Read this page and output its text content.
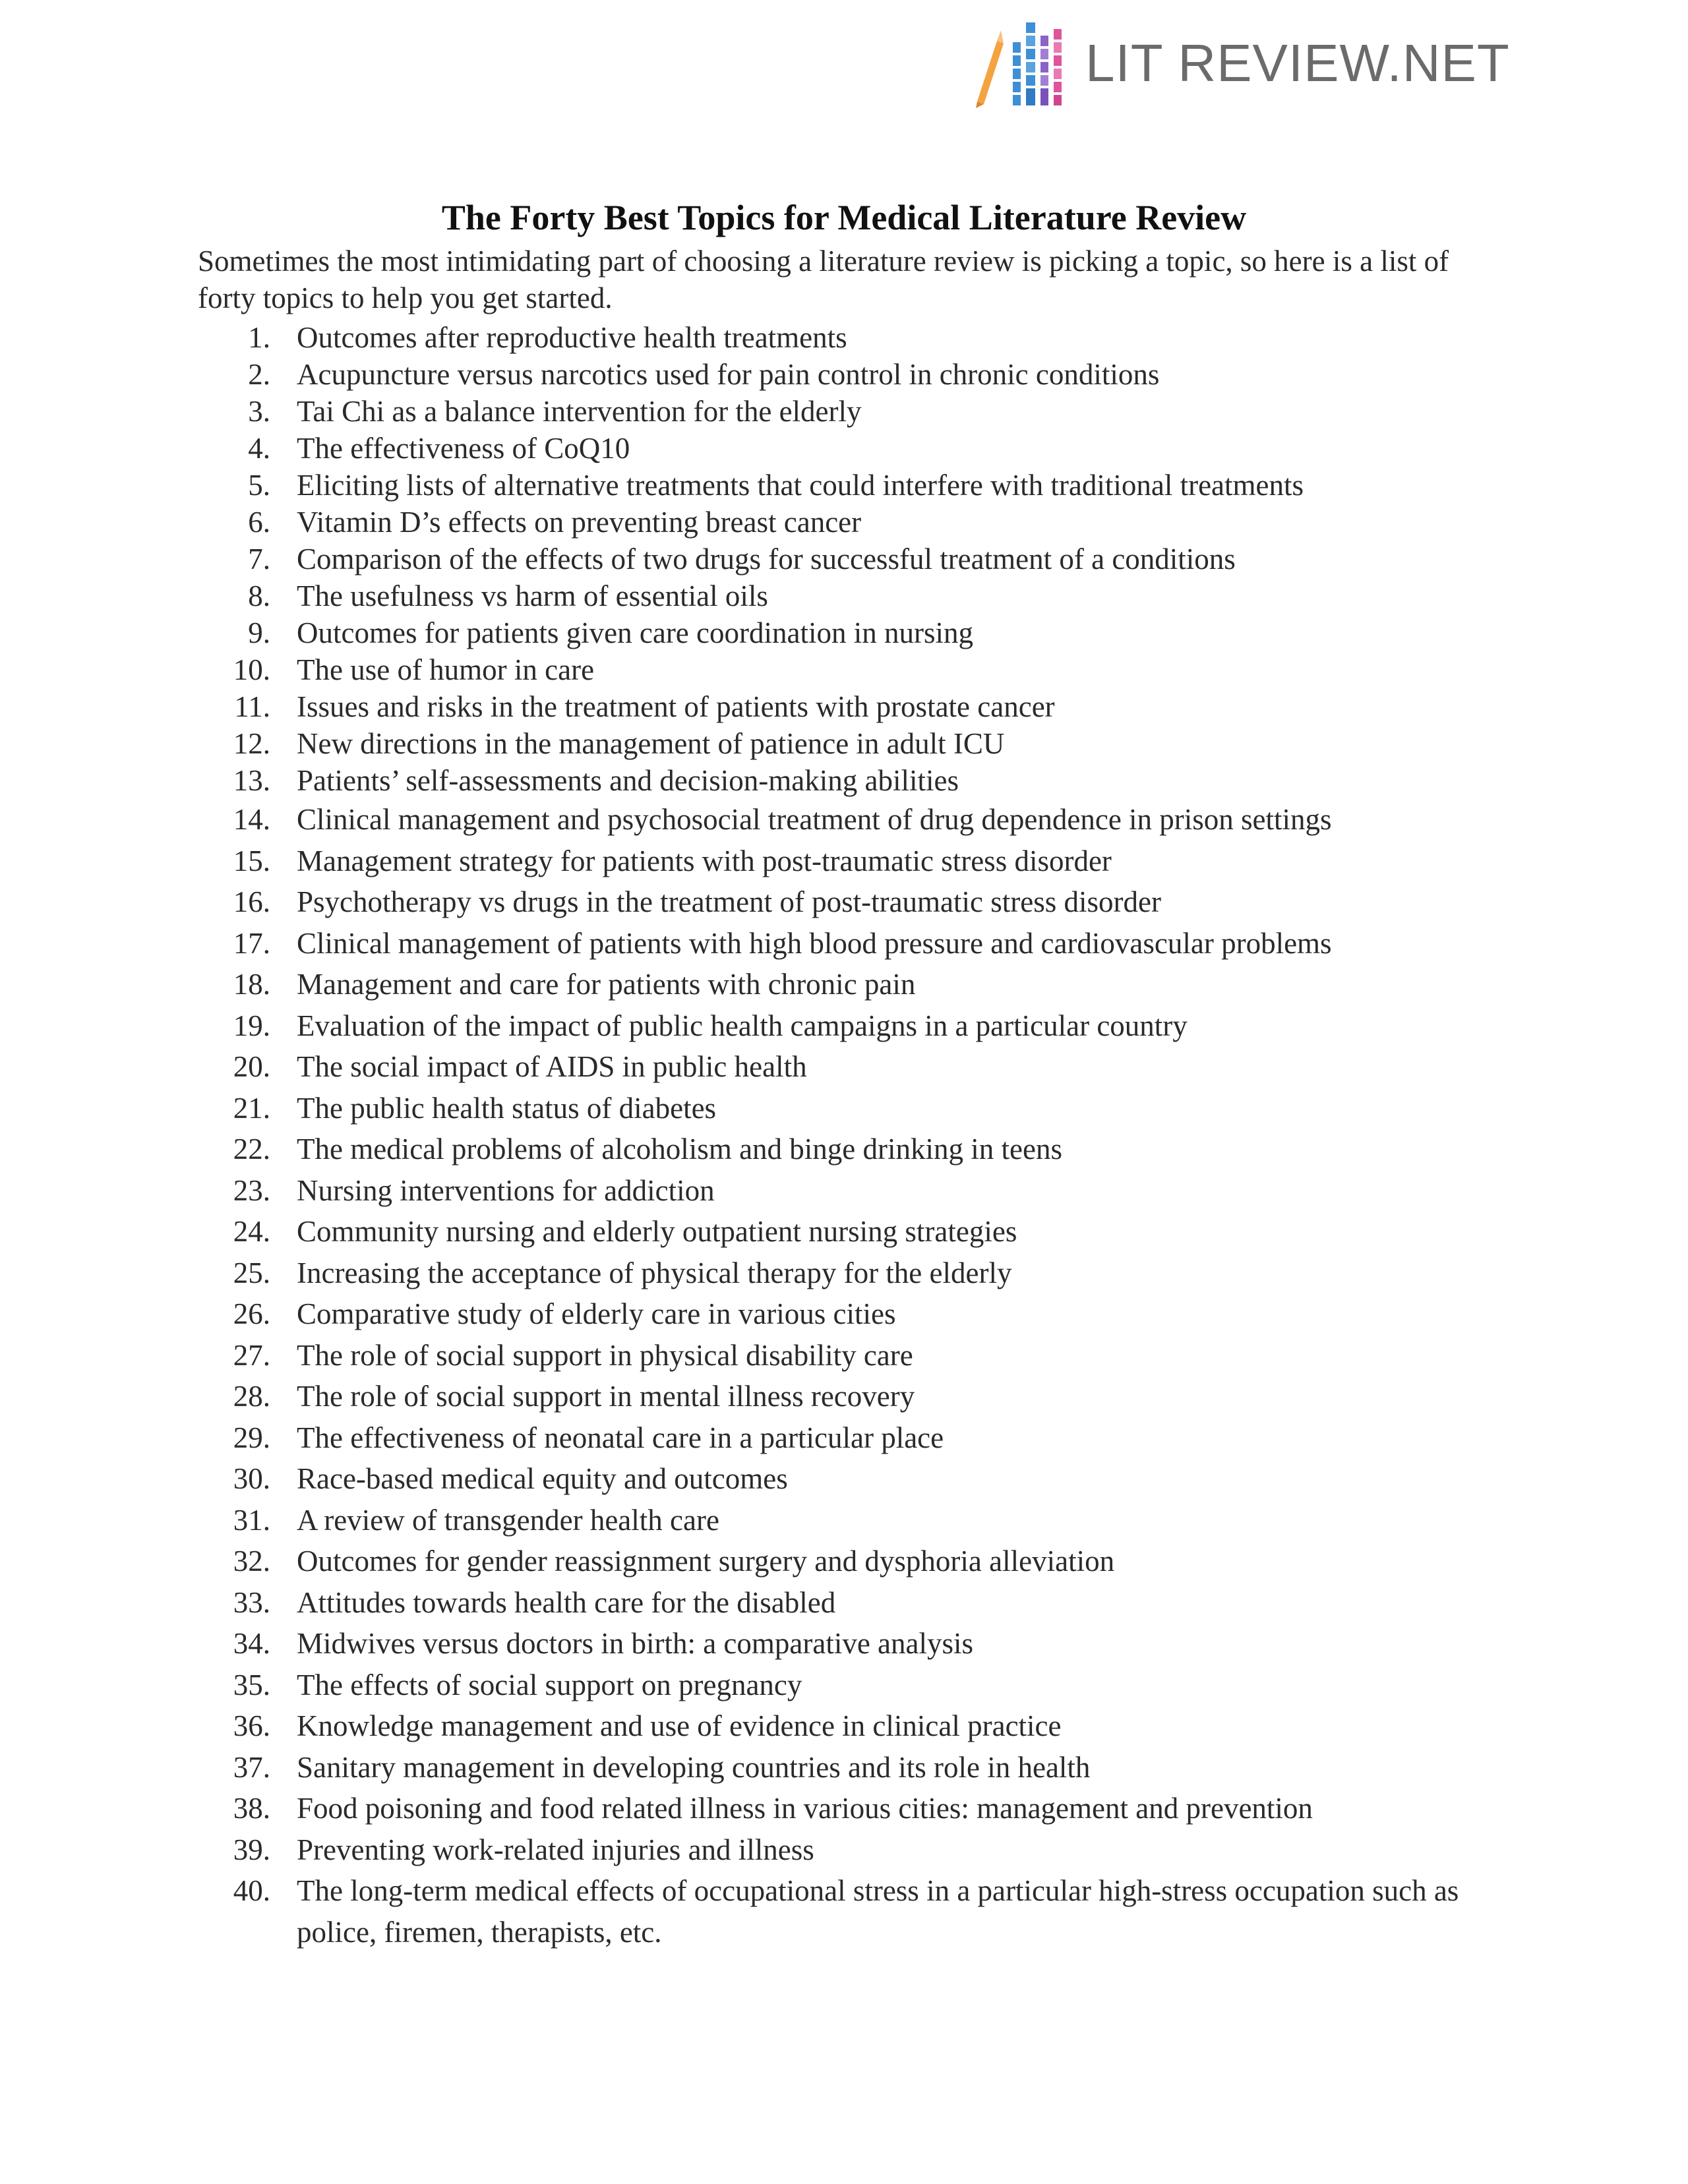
LIT REVIEW.NET
The Forty Best Topics for Medical Literature Review

Sometimes the most intimidating part of choosing a literature review is picking a topic, so here is a list of forty topics to help you get started.

1. Outcomes after reproductive health treatments
2. Acupuncture versus narcotics used for pain control in chronic conditions
3. Tai Chi as a balance intervention for the elderly
4. The effectiveness of CoQ10
5. Eliciting lists of alternative treatments that could interfere with traditional treatments
6. Vitamin D’s effects on preventing breast cancer
7. Comparison of the effects of two drugs for successful treatment of a conditions
8. The usefulness vs harm of essential oils
9. Outcomes for patients given care coordination in nursing
10. The use of humor in care
11. Issues and risks in the treatment of patients with prostate cancer
12. New directions in the management of patience in adult ICU
13. Patients’ self-assessments and decision-making abilities
14. Clinical management and psychosocial treatment of drug dependence in prison settings
15. Management strategy for patients with post-traumatic stress disorder
16. Psychotherapy vs drugs in the treatment of post-traumatic stress disorder
17. Clinical management of patients with high blood pressure and cardiovascular problems
18. Management and care for patients with chronic pain
19. Evaluation of the impact of public health campaigns in a particular country
20. The social impact of AIDS in public health
21. The public health status of diabetes
22. The medical problems of alcoholism and binge drinking in teens
23. Nursing interventions for addiction
24. Community nursing and elderly outpatient nursing strategies
25. Increasing the acceptance of physical therapy for the elderly
26. Comparative study of elderly care in various cities
27. The role of social support in physical disability care
28. The role of social support in mental illness recovery
29. The effectiveness of neonatal care in a particular place
30. Race-based medical equity and outcomes
31. A review of transgender health care
32. Outcomes for gender reassignment surgery and dysphoria alleviation
33. Attitudes towards health care for the disabled
34. Midwives versus doctors in birth: a comparative analysis
35. The effects of social support on pregnancy
36. Knowledge management and use of evidence in clinical practice
37. Sanitary management in developing countries and its role in health
38. Food poisoning and food related illness in various cities: management and prevention
39. Preventing work-related injuries and illness
40. The long-term medical effects of occupational stress in a particular high-stress occupation such as police, firemen, therapists, etc.
